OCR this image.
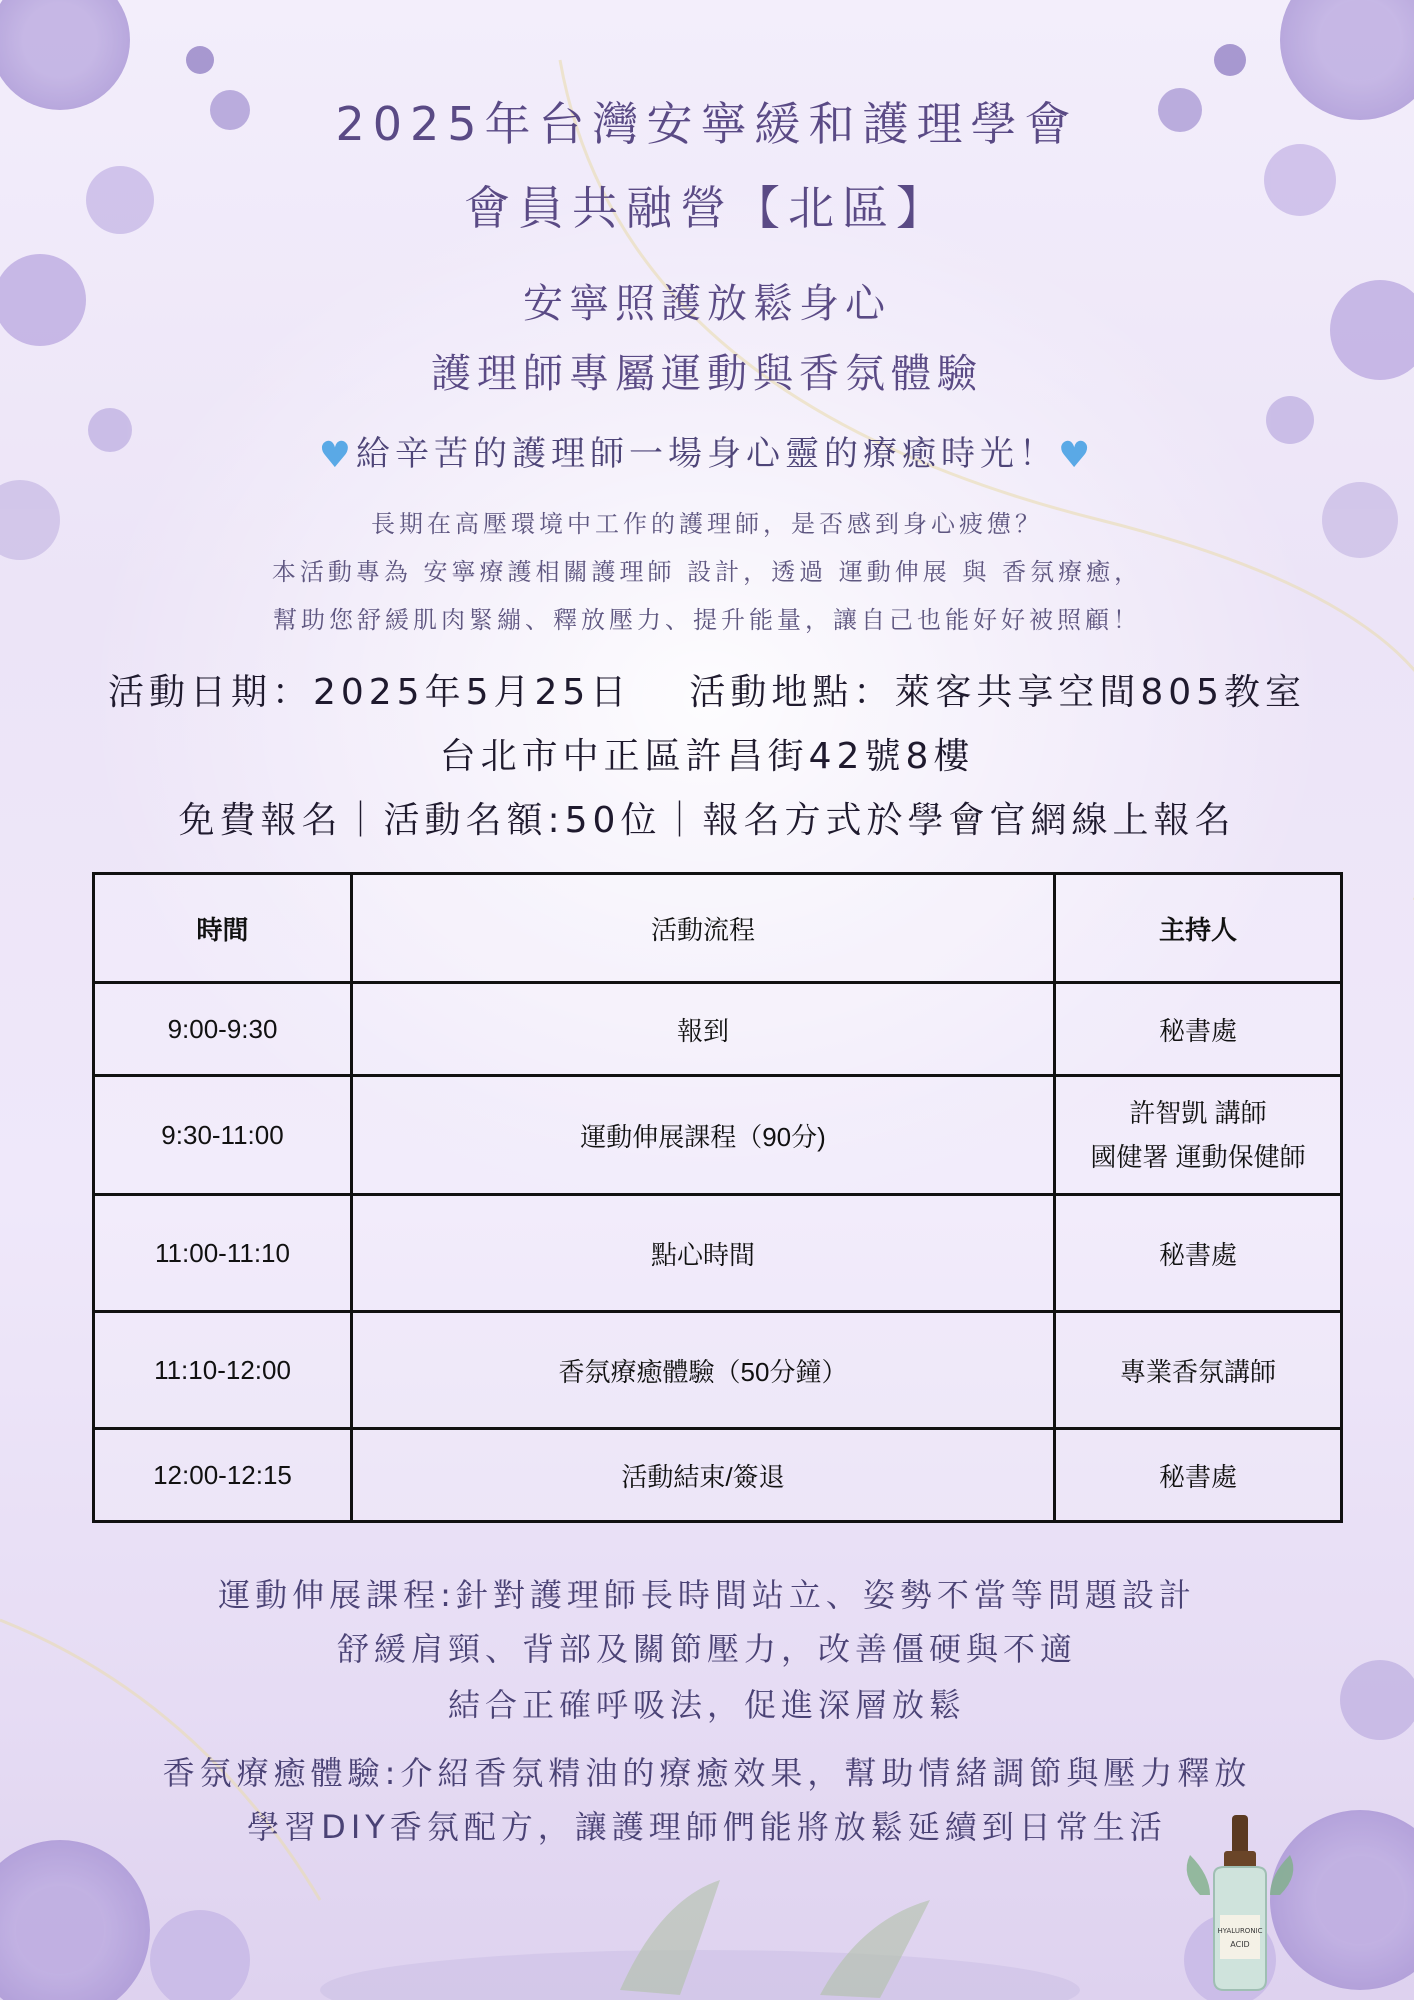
2025年台灣安寧緩和護理學會
會員共融營【北區】
安寧照護放鬆身心
護理師專屬運動與香氛體驗
♥給辛苦的護理師一場身心靈的療癒時光！♥
長期在高壓環境中工作的護理師，是否感到身心疲憊？
本活動專為 安寧療護相關護理師 設計，透過 運動伸展 與 香氛療癒，
幫助您舒緩肌肉緊繃、釋放壓力、提升能量，讓自己也能好好被照顧！
活動日期：2025年5月25日 活動地點：萊客共享空間805教室
台北市中正區許昌街42號8樓
免費報名｜活動名額:50位｜報名方式於學會官網線上報名
時間	活動流程	主持人
9:00-9:30	報到	秘書處
9:30-11:00	運動伸展課程（90分)	許智凱 講師
國健署 運動保健師

11:00-11:10	點心時間	秘書處
11:10-12:00	香氛療癒體驗（50分鐘）	專業香氛講師
12:00-12:15	活動結束/簽退	秘書處
運動伸展課程:針對護理師長時間站立、姿勢不當等問題設計
舒緩肩頸、背部及關節壓力，改善僵硬與不適
結合正確呼吸法，促進深層放鬆
香氛療癒體驗:介紹香氛精油的療癒效果，幫助情緒調節與壓力釋放
學習DIY香氛配方，讓護理師們能將放鬆延續到日常生活
HYALURONIC
ACID
